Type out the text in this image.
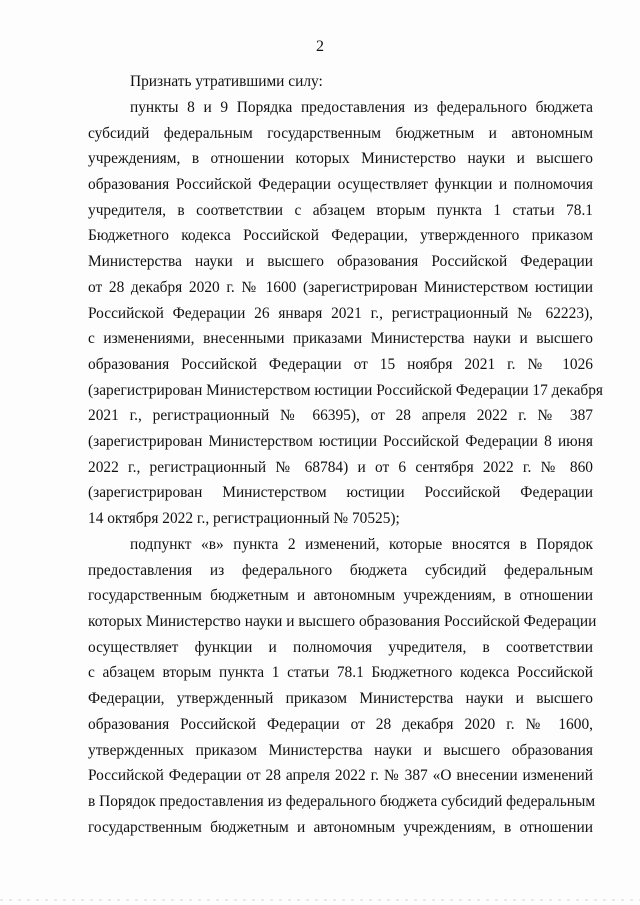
2
Признать утратившими силу:
пункты 8 и 9 Порядка предоставления из федерального бюджета
субсидий федеральным государственным бюджетным и автономным
учреждениям, в отношении которых Министерство науки и высшего
образования Российской Федерации осуществляет функции и полномочия
учредителя, в соответствии с абзацем вторым пункта 1 статьи 78.1
Бюджетного кодекса Российской Федерации, утвержденного приказом
Министерства науки и высшего образования Российской Федерации
от 28 декабря 2020 г. № 1600 (зарегистрирован Министерством юстиции
Российской Федерации 26 января 2021 г., регистрационный № 62223),
с изменениями, внесенными приказами Министерства науки и высшего
образования Российской Федерации от 15 ноября 2021 г. № 1026
(зарегистрирован Министерством юстиции Российской Федерации 17 декабря
2021 г., регистрационный № 66395), от 28 апреля 2022 г. № 387
(зарегистрирован Министерством юстиции Российской Федерации 8 июня
2022 г., регистрационный № 68784) и от 6 сентября 2022 г. № 860
(зарегистрирован Министерством юстиции Российской Федерации
14 октября 2022 г., регистрационный № 70525);
подпункт «в» пункта 2 изменений, которые вносятся в Порядок
предоставления из федерального бюджета субсидий федеральным
государственным бюджетным и автономным учреждениям, в отношении
которых Министерство науки и высшего образования Российской Федерации
осуществляет функции и полномочия учредителя, в соответствии
с абзацем вторым пункта 1 статьи 78.1 Бюджетного кодекса Российской
Федерации, утвержденный приказом Министерства науки и высшего
образования Российской Федерации от 28 декабря 2020 г. № 1600,
утвержденных приказом Министерства науки и высшего образования
Российской Федерации от 28 апреля 2022 г. № 387 «О внесении изменений
в Порядок предоставления из федерального бюджета субсидий федеральным
государственным бюджетным и автономным учреждениям, в отношении
